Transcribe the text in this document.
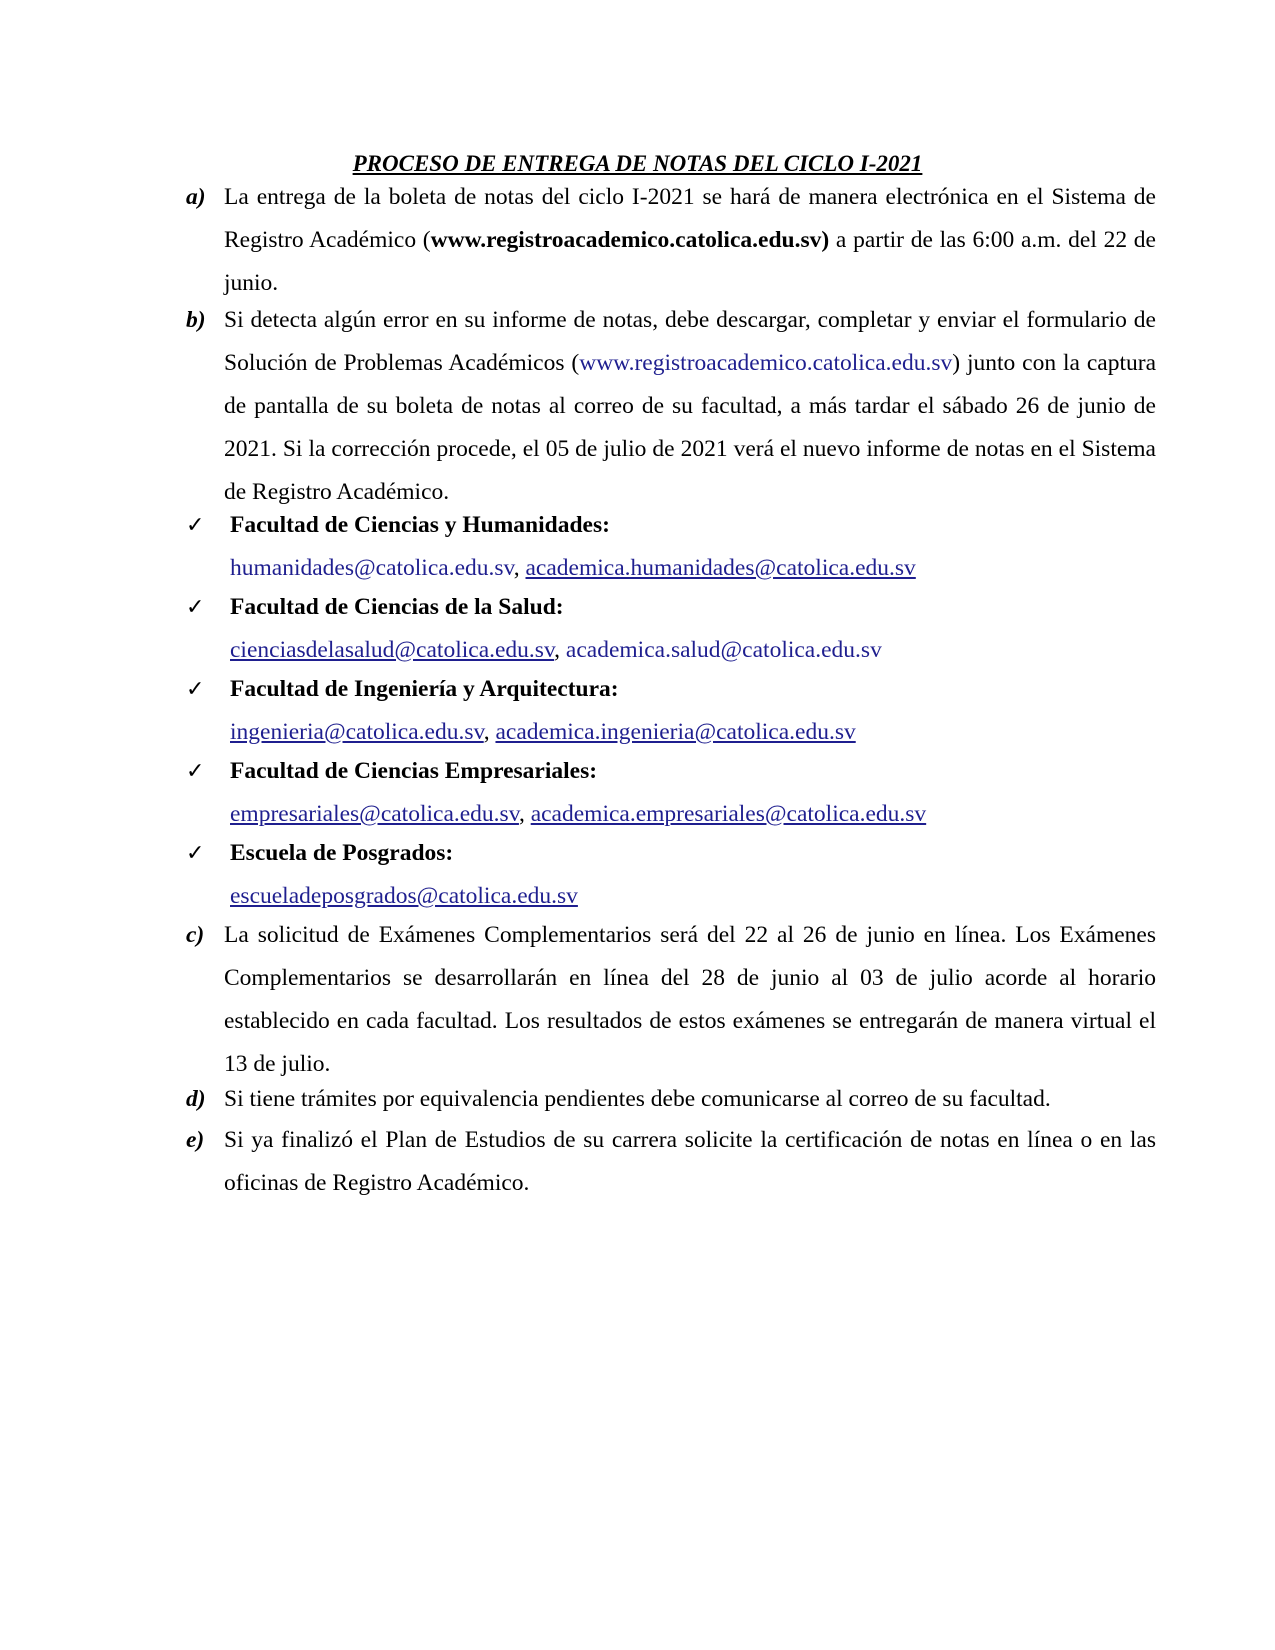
PROCESO DE ENTREGA DE NOTAS DEL CICLO I-2021
a) La entrega de la boleta de notas del ciclo I-2021 se hará de manera electrónica en el Sistema de Registro Académico (www.registroacademico.catolica.edu.sv) a partir de las 6:00 a.m. del 22 de junio.
b) Si detecta algún error en su informe de notas, debe descargar, completar y enviar el formulario de Solución de Problemas Académicos (www.registroacademico.catolica.edu.sv) junto con la captura de pantalla de su boleta de notas al correo de su facultad, a más tardar el sábado 26 de junio de 2021. Si la corrección procede, el 05 de julio de 2021 verá el nuevo informe de notas en el Sistema de Registro Académico.
✓ Facultad de Ciencias y Humanidades:
humanidades@catolica.edu.sv, academica.humanidades@catolica.edu.sv
✓ Facultad de Ciencias de la Salud:
cienciasdelasalud@catolica.edu.sv, academica.salud@catolica.edu.sv
✓ Facultad de Ingeniería y Arquitectura:
ingenieria@catolica.edu.sv, academica.ingenieria@catolica.edu.sv
✓ Facultad de Ciencias Empresariales:
empresariales@catolica.edu.sv, academica.empresariales@catolica.edu.sv
✓ Escuela de Posgrados:
escueladeposgrados@catolica.edu.sv
c) La solicitud de Exámenes Complementarios será del 22 al 26 de junio en línea. Los Exámenes Complementarios se desarrollarán en línea del 28 de junio al 03 de julio acorde al horario establecido en cada facultad. Los resultados de estos exámenes se entregarán de manera virtual el 13 de julio.
d) Si tiene trámites por equivalencia pendientes debe comunicarse al correo de su facultad.
e) Si ya finalizó el Plan de Estudios de su carrera solicite la certificación de notas en línea o en las oficinas de Registro Académico.
